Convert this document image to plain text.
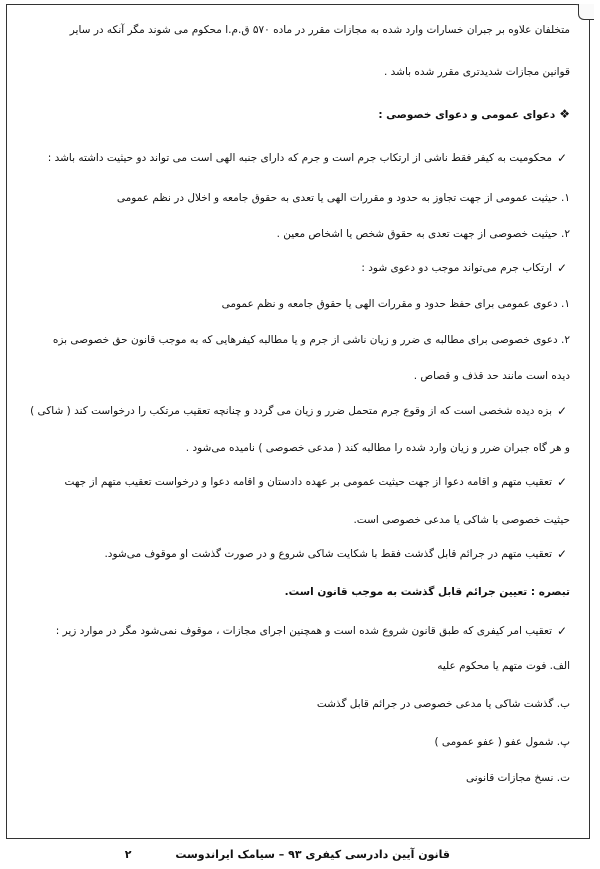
متخلفان علاوه بر جبران خسارات وارد شده به مجازات مقرر در ماده ۵۷۰ ق.م.ا محکوم می شوند مگر آنکه در سایر
قوانین مجازات شدیدتری مقرر شده باشد .
❖دعوای عمومی و دعوای خصوصی :
✓
محکومیت به کیفر فقط ناشی از ارتکاب جرم است و جرم که دارای جنبه الهی است می تواند دو حیثیت داشته باشد :
۱. حیثیت عمومی از جهت تجاوز به حدود و مقررات الهی یا تعدی به حقوق جامعه و اخلال در نظم عمومی
۲. حیثیت خصوصی از جهت تعدی به حقوق شخص یا اشخاص معین .
✓
ارتکاب جرم می‌تواند موجب دو دعوی شود :
۱. دعوی عمومی برای حفظ حدود و مقررات الهی یا حقوق جامعه و نظم عمومی
۲. دعوی خصوصی برای مطالبه ی ضرر و زیان ناشی از جرم و یا مطالبه کیفرهایی که به موجب قانون حق خصوصی بزه
دیده است مانند حد قذف و قصاص .
✓
بزه دیده شخصی است که از وقوع جرم متحمل ضرر و زیان می گردد و چنانچه تعقیب مرتکب را درخواست کند ( شاکی )
و هر گاه جبران ضرر و زیان وارد شده را مطالبه کند ( مدعی خصوصی ) نامیده می‌شود .
✓
تعقیب متهم و اقامه دعوا از جهت حیثیت عمومی بر عهده دادستان و اقامه دعوا و درخواست تعقیب متهم از جهت
حیثیت خصوصی با شاکی یا مدعی خصوصی است.
✓
تعقیب متهم در جرائم قابل گذشت فقط با شکایت شاکی شروع و در صورت گذشت او موقوف می‌شود.
تبصره : تعیین جرائم قابل گذشت به موجب قانون است.
✓
تعقیب امر کیفری که طبق قانون شروع شده است و همچنین اجرای مجازات ، موقوف نمی‌شود مگر در موارد زیر :
الف. فوت متهم یا محکوم علیه
ب. گذشت شاکی یا مدعی خصوصی در جرائم قابل گذشت
پ. شمول عفو ( عفو عمومی )
ت. نسخ مجازات قانونی
قانون آیین دادرسی کیفری ۹۳ – سیامک ایراندوست ۲
